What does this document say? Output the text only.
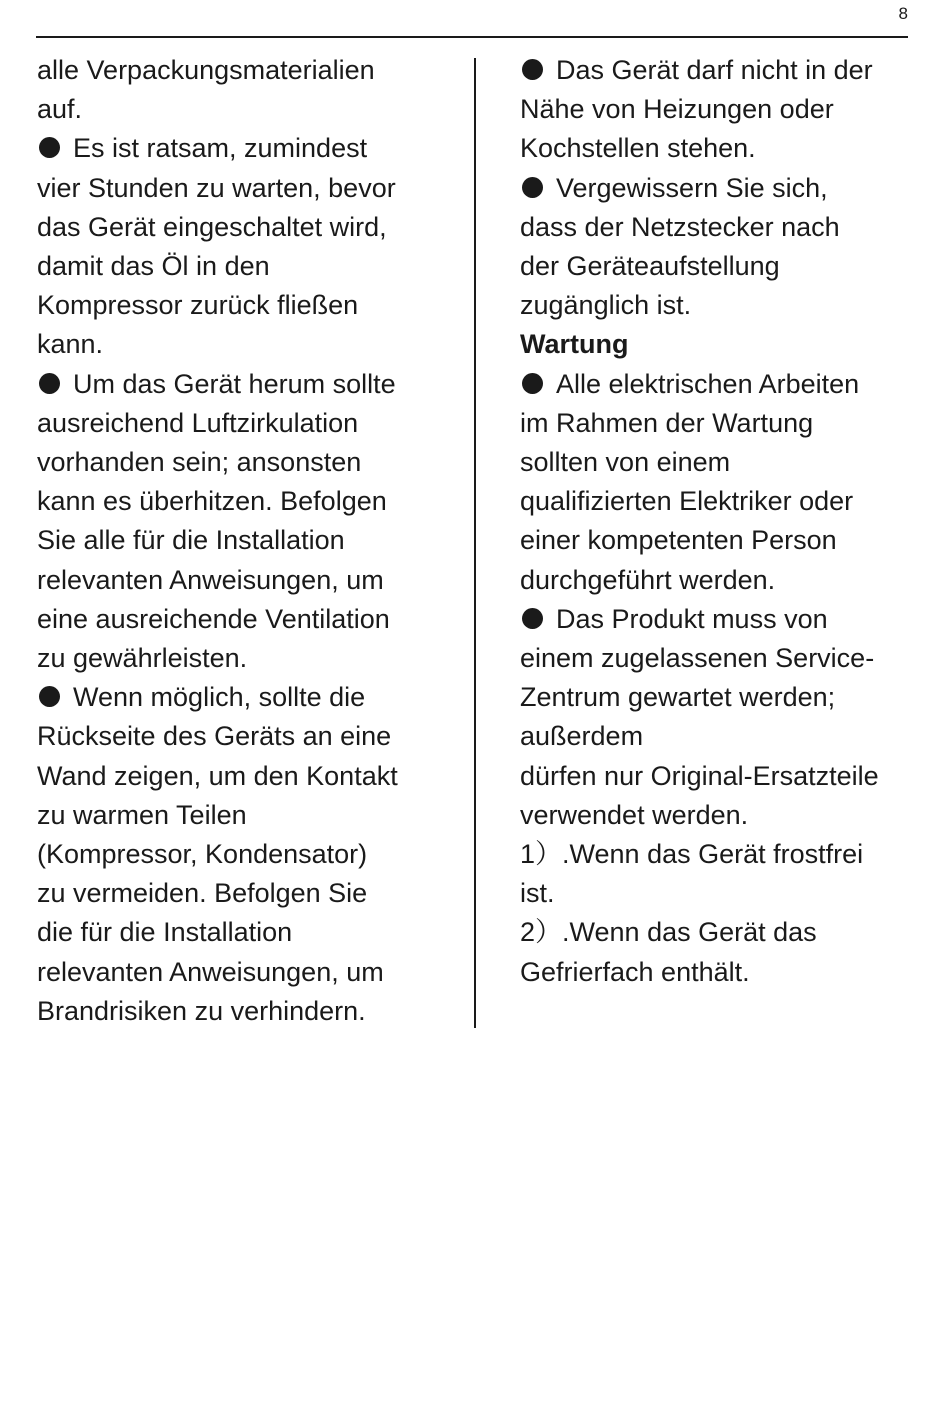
8
alle Verpackungsmaterialien
auf.
Es ist ratsam, zumindest
vier Stunden zu warten, bevor
das Gerät eingeschaltet wird,
damit das Öl in den
Kompressor zurück fließen
kann.
Um das Gerät herum sollte
ausreichend Luftzirkulation
vorhanden sein; ansonsten
kann es überhitzen. Befolgen
Sie alle für die Installation
relevanten Anweisungen, um
eine ausreichende Ventilation
zu gewährleisten.
Wenn möglich, sollte die
Rückseite des Geräts an eine
Wand zeigen, um den Kontakt
zu warmen Teilen
(Kompressor, Kondensator)
zu vermeiden. Befolgen Sie
die für die Installation
relevanten Anweisungen, um
Brandrisiken zu verhindern.
Das Gerät darf nicht in der
Nähe von Heizungen oder
Kochstellen stehen.
Vergewissern Sie sich,
dass der Netzstecker nach
der Geräteaufstellung
zugänglich ist.
Wartung
Alle elektrischen Arbeiten
im Rahmen der Wartung
sollten von einem
qualifizierten Elektriker oder
einer kompetenten Person
durchgeführt werden.
Das Produkt muss von
einem zugelassenen Service-
Zentrum gewartet werden;
außerdem
dürfen nur Original-Ersatzteile
verwendet werden.
1）.Wenn das Gerät frostfrei
ist.
2）.Wenn das Gerät das
Gefrierfach enthält.
